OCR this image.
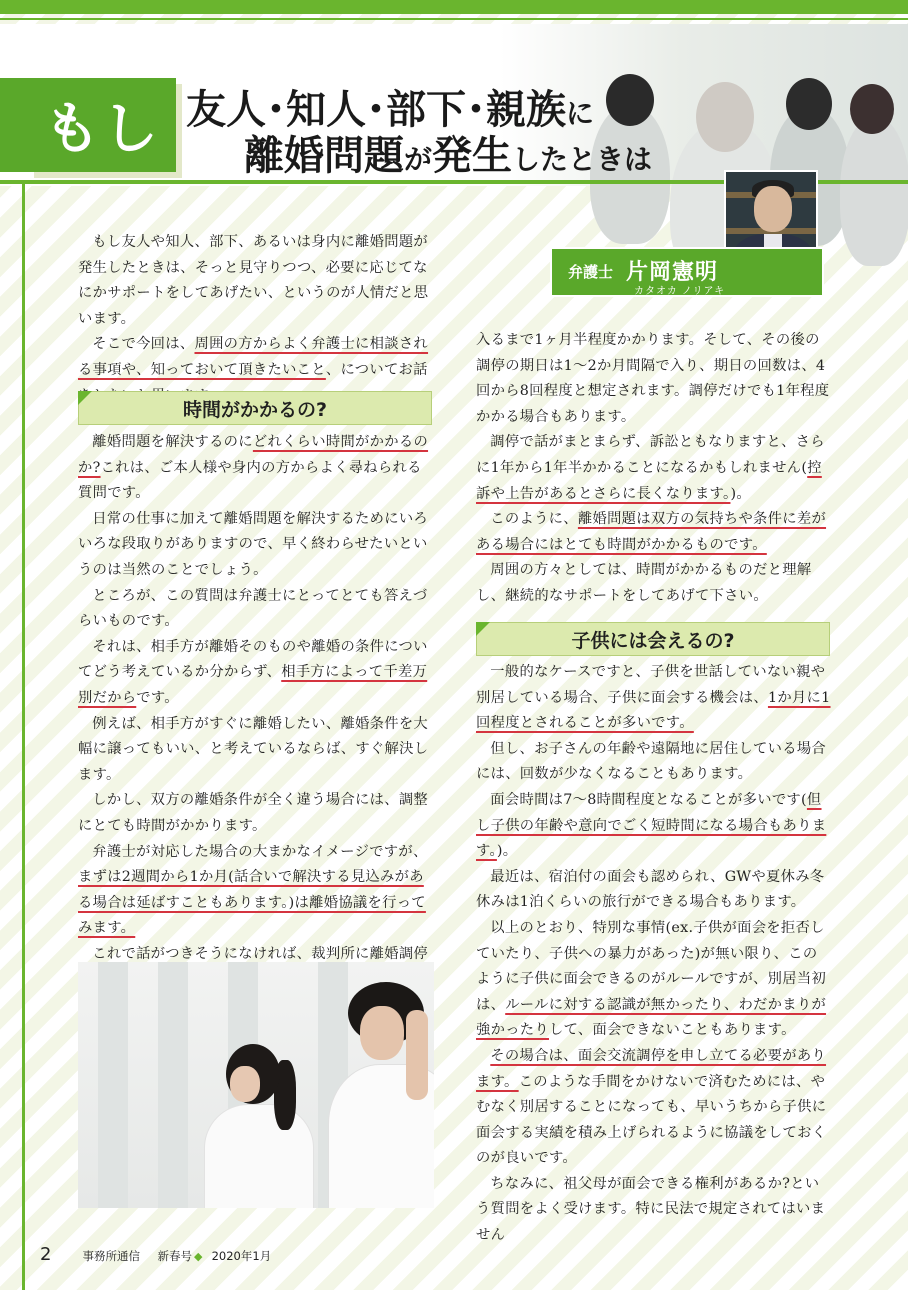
もし 友人･知人･部下･親族に
離婚問題が発生したときは
弁護士 片岡憲明
カタオカ ノリアキ

もし友人や知人、部下、あるいは身内に離婚問題が発生したときは、そっと見守りつつ、必要に応じてなにかサポートをしてあげたい、というのが人情だと思います。

そこで今回は、周囲の方からよく弁護士に相談される事項や、知っておいて頂きたいこと、についてお話

時間がかかるの?

離婚問題を解決するのにどれくらい時間がかかるのか?これは、ご本人様や身内の方からよく尋ねられる質問です。

日常の仕事に加えて離婚問題を解決するためにいろいろな段取りがありますので、早く終わらせたいというのは当然のことでしょう。

ところが、この質問は弁護士にとってとても答えづらいものです。

それは、相手方が離婚そのものや離婚の条件についてどう考えているか分からず、相手方によって千差万別だからです。

例えば、相手方がすぐに離婚したい、離婚条件を大幅に譲ってもいい、と考えているならば、すぐ解決します。

しかし、双方の離婚条件が全く違う場合には、調整にとても時間がかかります。

弁護士が対応した場合の大まかなイメージですが、まずは2週間から1か月(話合いで解決する見込みがある場合は延ばすこともあります。)は離婚協議を行ってみます。

これで話がつきそうになければ、裁判所に離婚調停

入るまで1ヶ月半程度かかります。そして、その後の調停の期日は1～2か月間隔で入り、期日の回数は、4回から8回程度と想定されます。調停だけでも1年程度かかる場合もあります。

調停で話がまとまらず、訴訟ともなりますと、さらに1年から1年半かかることになるかもしれません(控訴や上告があるとさらに長くなります。)。

このように、離婚問題は双方の気持ちや条件に差がある場合にはとても時間がかかるものです。

周囲の方々としては、時間がかかるものだと理解し、継続的なサポートをしてあげて下さい。

子供には会えるの?

一般的なケースですと、子供を世話していない親や別居している場合、子供に面会する機会は、1か月に1回程度とされることが多いです。

但し、お子さんの年齢や遠隔地に居住している場合には、回数が少なくなることもあります。

面会時間は7～8時間程度となることが多いです(但し子供の年齢や意向でごく短時間になる場合もあります。)。

最近は、宿泊付の面会も認められ、GWや夏休み冬休みは1泊くらいの旅行ができる場合もあります。

以上のとおり、特別な事情(ex.子供が面会を拒否していたり、子供への暴力があった)が無い限り、このように子供に面会できるのがルールですが、別居当初は、ルールに対する認識が無かったり、わだかまりが強かったりして、面会できないこともあります。

その場合は、面会交流調停を申し立てる必要があります。このような手間をかけないで済むためには、やむなく別居することになっても、早いうちから子供に面会する実績を積み上げられるように協議をしておくのが良いです。

ちなみに、祖父母が面会できる権利があるか?という質問をよく受けます。特に民法で規定されてはいません

2	事務所通信 新春号 ◆ 2020年1月
